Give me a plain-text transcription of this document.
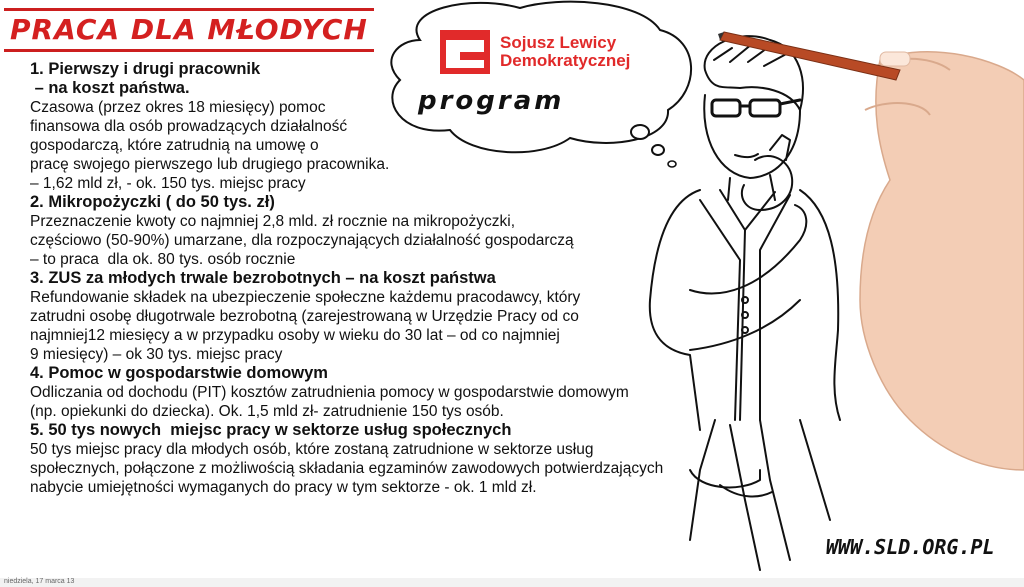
PRACA DLA MŁODYCH	Sojusz Lewicy
Demokratycznej
program
1. Pierwszy i drugi pracownik
– na koszt państwa.
Czasowa (przez okres 18 miesięcy) pomoc
finansowa dla osób prowadzących działalność
gospodarczą, które zatrudnią na umowę o
pracę swojego pierwszego lub drugiego pracownika.
– 1,62 mld zł, - ok. 150 tys. miejsc pracy
2. Mikropożyczki ( do 50 tys. zł)
Przeznaczenie kwoty co najmniej 2,8 mld. zł rocznie na mikropożyczki,
częściowo (50-90%) umarzane, dla rozpoczynających działalność gospodarczą
– to praca  dla ok. 80 tys. osób rocznie
3. ZUS za młodych trwale bezrobotnych – na koszt państwa
Refundowanie składek na ubezpieczenie społeczne każdemu pracodawcy, który
zatrudni osobę długotrwale bezrobotną (zarejestrowaną w Urzędzie Pracy od co
najmniej12 miesięcy a w przypadku osoby w wieku do 30 lat – od co najmniej
9 miesięcy) – ok 30 tys. miejsc pracy
4. Pomoc w gospodarstwie domowym
Odliczania od dochodu (PIT) kosztów zatrudnienia pomocy w gospodarstwie domowym
(np. opiekunki do dziecka). Ok. 1,5 mld zł- zatrudnienie 150 tys osób.
5. 50 tys nowych  miejsc pracy w sektorze usług społecznych
50 tys miejsc pracy dla młodych osób, które zostaną zatrudnione w sektorze usług
społecznych, połączone z możliwością składania egzaminów zawodowych potwierdzających
nabycie umiejętności wymaganych do pracy w tym sektorze - ok. 1 mld zł.
WWW.SLD.ORG.PL
niedziela, 17 marca 13
